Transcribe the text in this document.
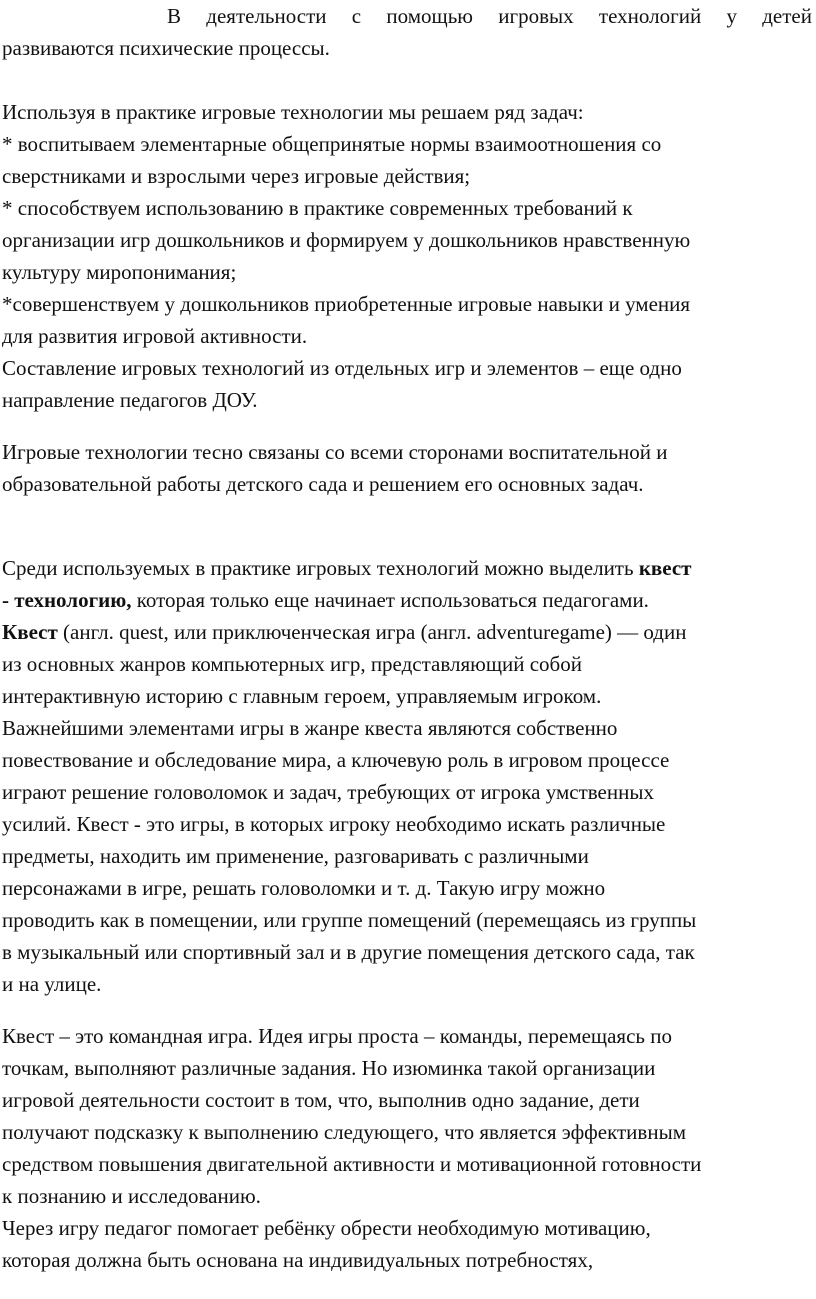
В деятельности с помощью игровых технологий у детей
развиваются психические процессы.
Используя в практике игровые технологии мы решаем ряд задач:
* воспитываем элементарные общепринятые нормы взаимоотношения со
сверстниками и взрослыми через игровые действия;
* способствуем использованию в практике современных требований к
организации игр дошкольников и формируем у дошкольников нравственную
культуру миропонимания;
*совершенствуем у дошкольников приобретенные игровые навыки и умения
для развития игровой активности.
Составление игровых технологий из отдельных игр и элементов – еще одно
направление педагогов ДОУ.
Игровые технологии тесно связаны со всеми сторонами воспитательной и
образовательной работы детского сада и решением его основных задач.
Среди используемых в практике игровых технологий можно выделить квест
- технологию, которая только еще начинает использоваться педагогами.
Квест (англ. quest, или приключенческая игра (англ. adventuregame) — один
из основных жанров компьютерных игр, представляющий собой
интерактивную историю с главным героем, управляемым игроком.
Важнейшими элементами игры в жанре квеста являются собственно
повествование и обследование мира, а ключевую роль в игровом процессе
играют решение головоломок и задач, требующих от игрока умственных
усилий. Квест - это игры, в которых игроку необходимо искать различные
предметы, находить им применение, разговаривать с различными
персонажами в игре, решать головоломки и т. д. Такую игру можно
проводить как в помещении, или группе помещений (перемещаясь из группы
в музыкальный или спортивный зал и в другие помещения детского сада, так
и на улице.
Квест – это командная игра. Идея игры проста – команды, перемещаясь по
точкам, выполняют различные задания. Но изюминка такой организации
игровой деятельности состоит в том, что, выполнив одно задание, дети
получают подсказку к выполнению следующего, что является эффективным
средством повышения двигательной активности и мотивационной готовности
к познанию и исследованию.
Через игру педагог помогает ребёнку обрести необходимую мотивацию,
которая должна быть основана на индивидуальных потребностях,
